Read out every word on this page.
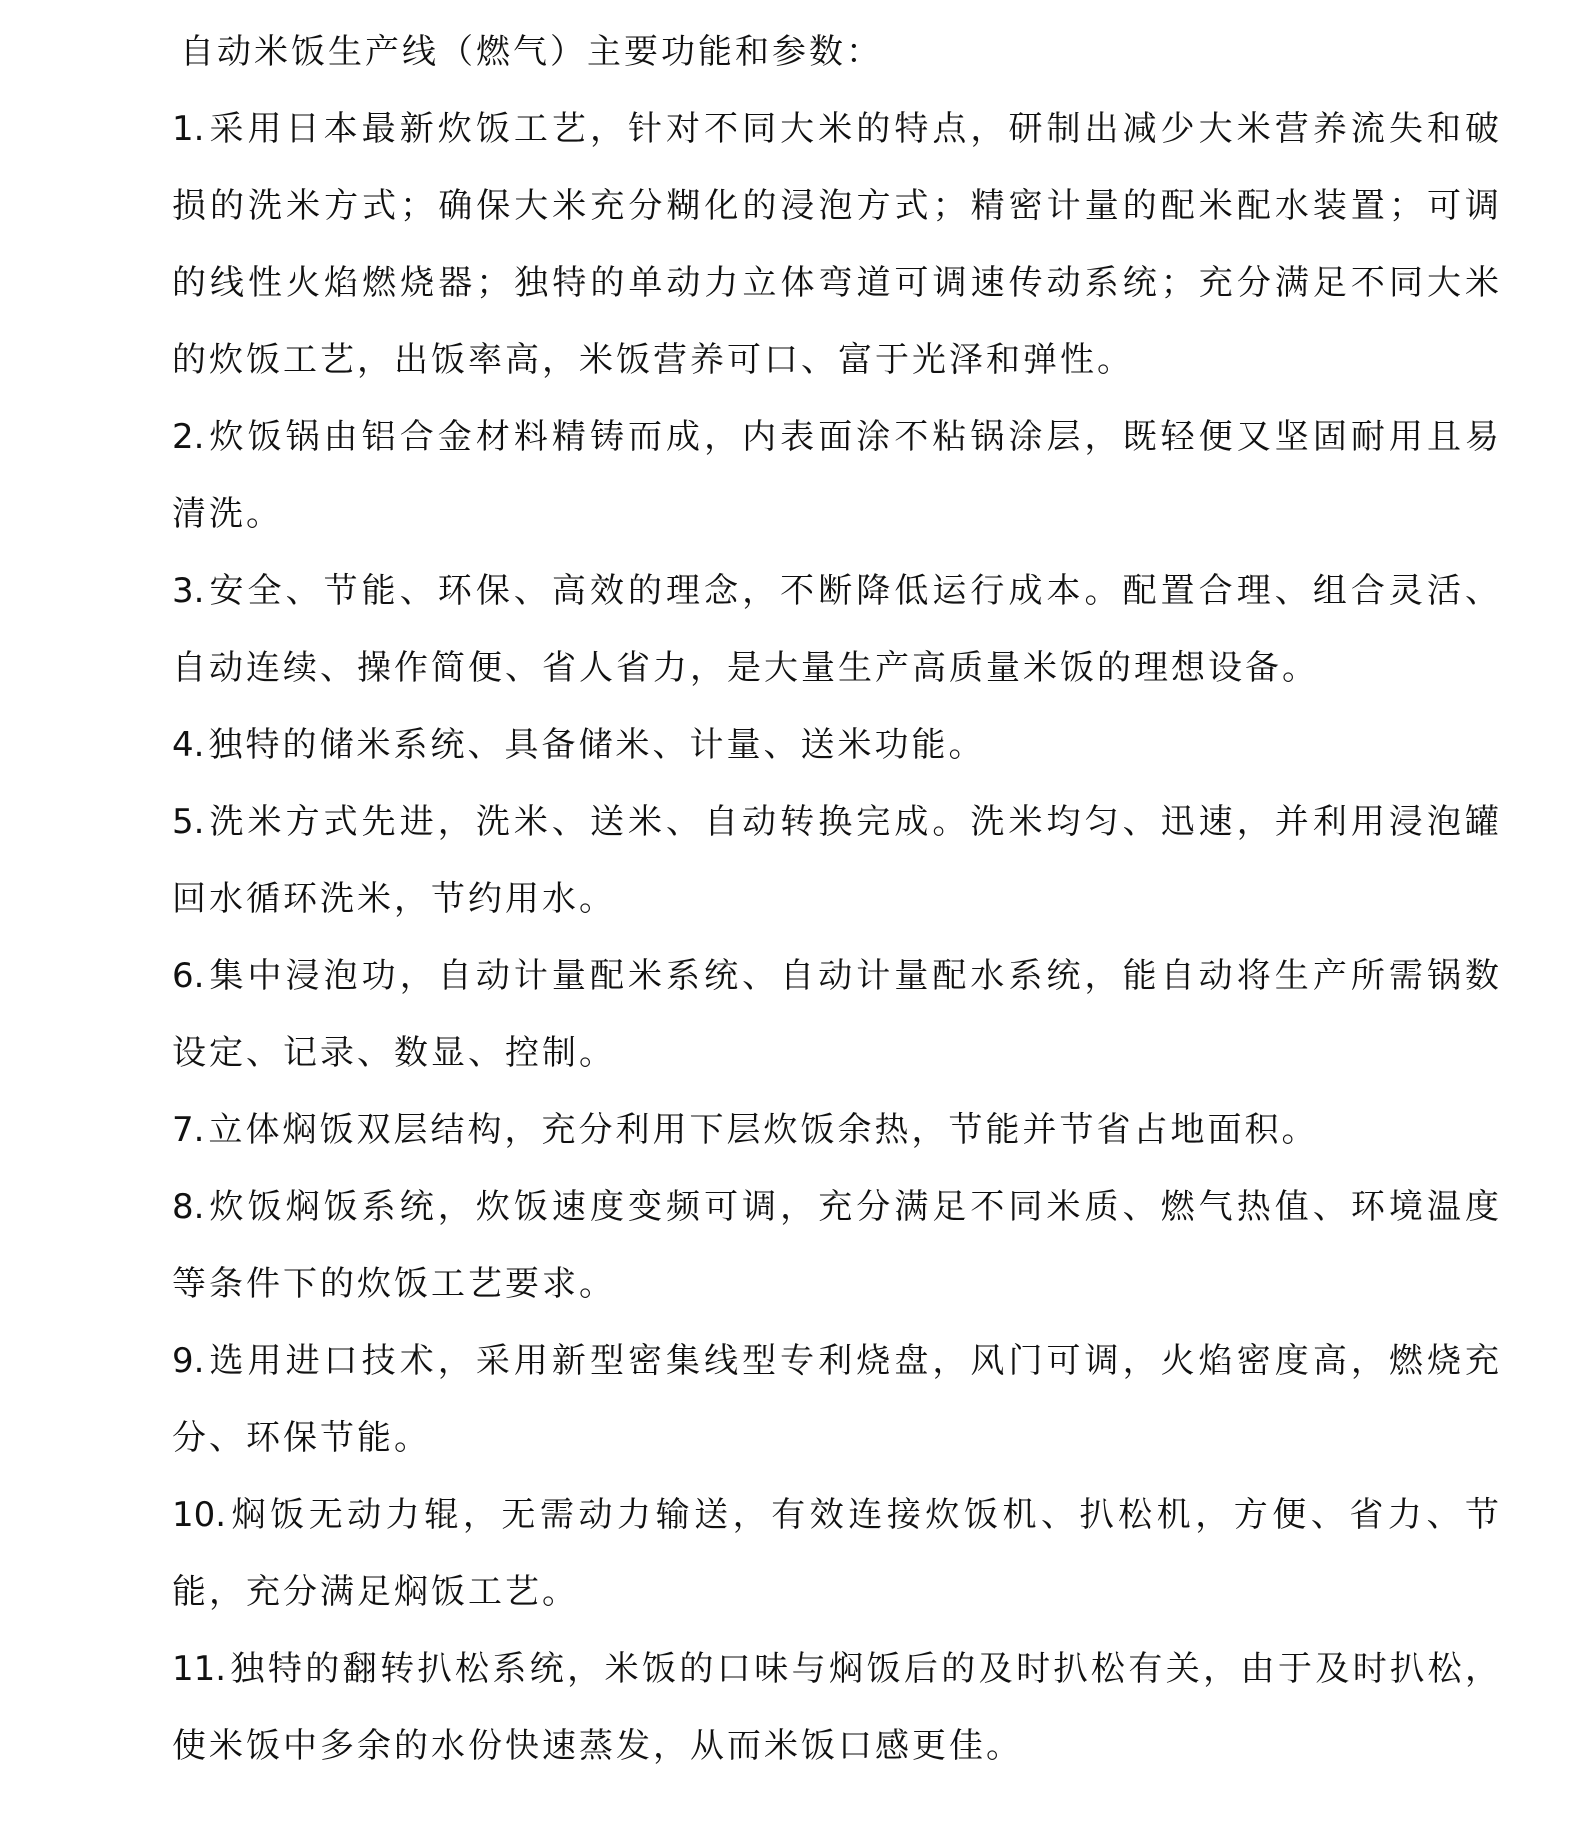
自动米饭生产线（燃气）主要功能和参数：

1. 采用日本最新炊饭工艺，针对不同大米的特点，研制出减少大米营养流失和破损的洗米方式；确保大米充分糊化的浸泡方式；精密计量的配米配水装置；可调的线性火焰燃烧器；独特的单动力立体弯道可调速传动系统；充分满足不同大米的炊饭工艺，出饭率高，米饭营养可口、富于光泽和弹性。

2. 炊饭锅由铝合金材料精铸而成，内表面涂不粘锅涂层，既轻便又坚固耐用且易清洗。

3. 安全、节能、环保、高效的理念，不断降低运行成本。配置合理、组合灵活、自动连续、操作简便、省人省力，是大量生产高质量米饭的理想设备。

4. 独特的储米系统、具备储米、计量、送米功能。

5. 洗米方式先进，洗米、送米、自动转换完成。洗米均匀、迅速，并利用浸泡罐回水循环洗米，节约用水。

6. 集中浸泡功，自动计量配米系统、自动计量配水系统，能自动将生产所需锅数设定、记录、数显、控制。

7. 立体焖饭双层结构，充分利用下层炊饭余热，节能并节省占地面积。

8. 炊饭焖饭系统，炊饭速度变频可调，充分满足不同米质、燃气热值、环境温度等条件下的炊饭工艺要求。

9. 选用进口技术，采用新型密集线型专利烧盘，风门可调，火焰密度高，燃烧充分、环保节能。

10. 焖饭无动力辊，无需动力输送，有效连接炊饭机、扒松机，方便、省力、节能，充分满足焖饭工艺。

11. 独特的翻转扒松系统，米饭的口味与焖饭后的及时扒松有关，由于及时扒松，使米饭中多余的水份快速蒸发，从而米饭口感更佳。
